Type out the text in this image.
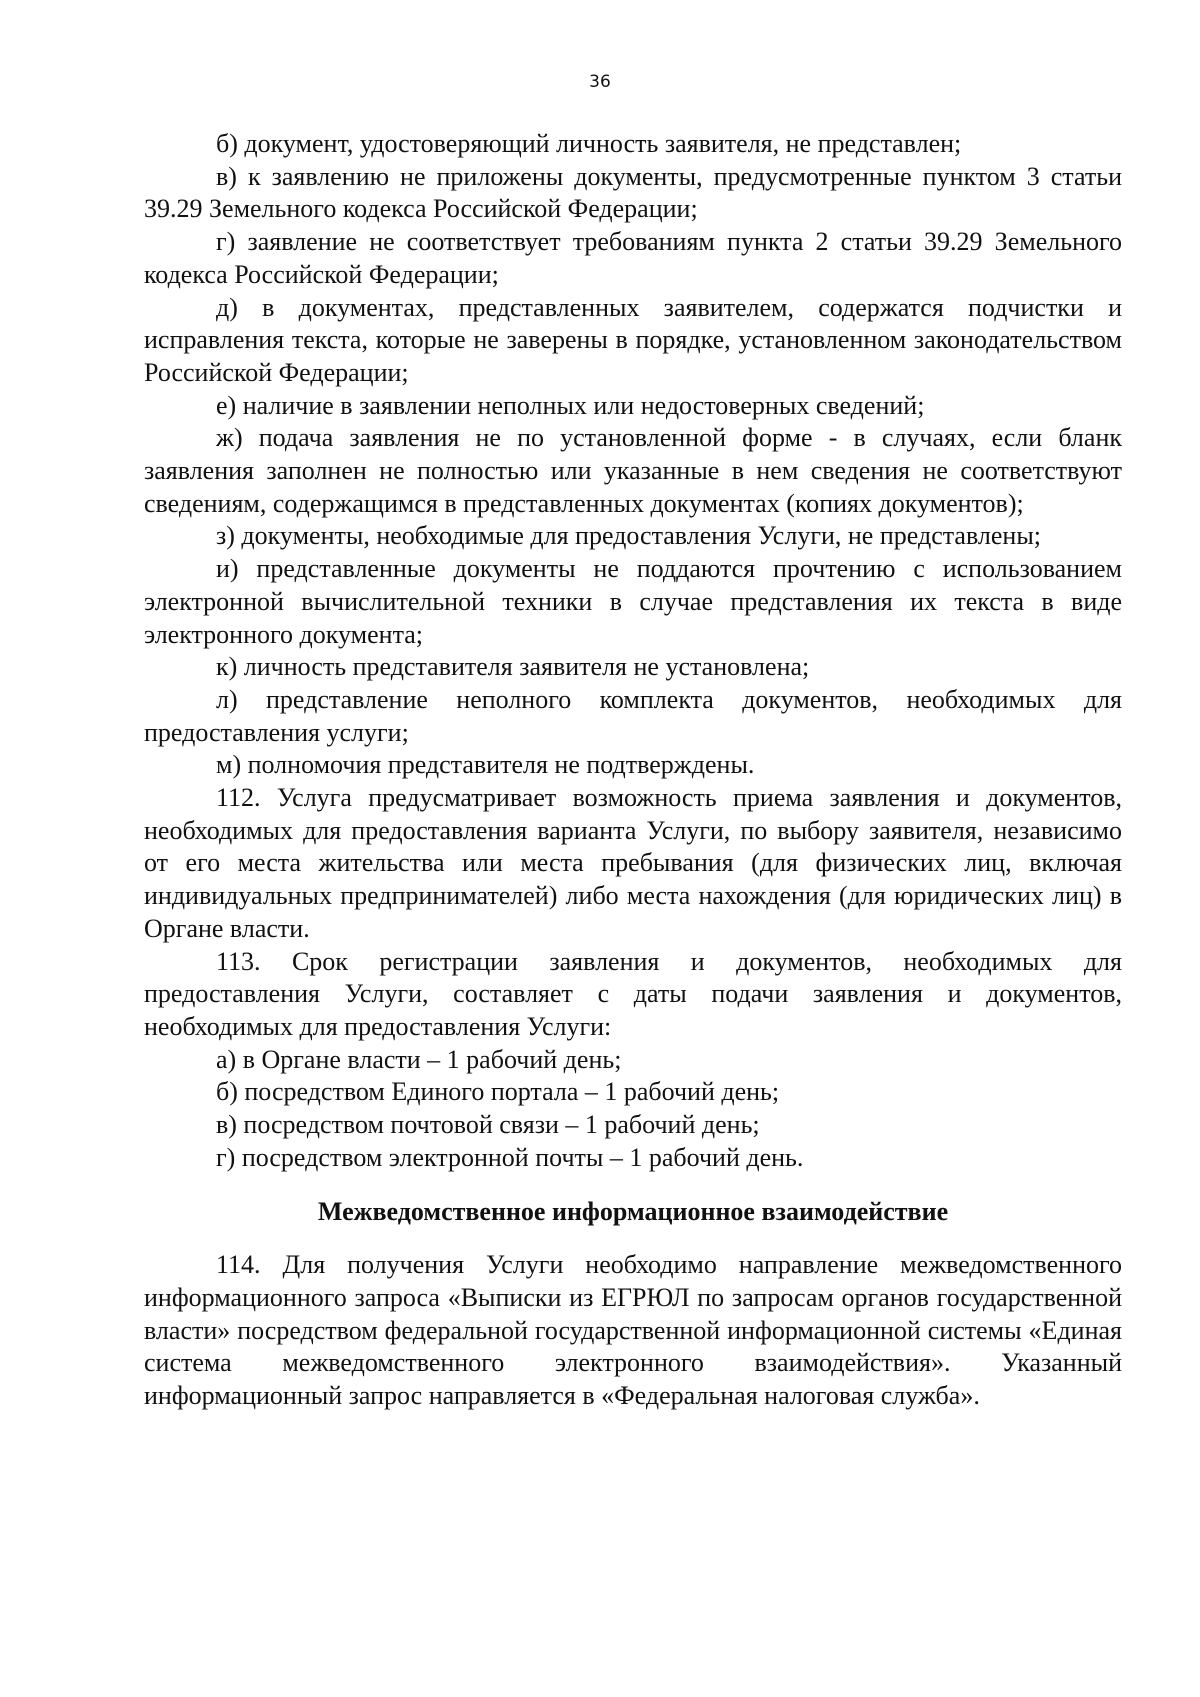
36

б) документ, удостоверяющий личность заявителя, не представлен;

в) к заявлению не приложены документы, предусмотренные пунктом 3 статьи 39.29 Земельного кодекса Российской Федерации;

г) заявление не соответствует требованиям пункта 2 статьи 39.29 Земельного кодекса Российской Федерации;

д) в документах, представленных заявителем, содержатся подчистки и исправления текста, которые не заверены в порядке, установленном законодательством Российской Федерации;

е) наличие в заявлении неполных или недостоверных сведений;

ж) подача заявления не по установленной форме - в случаях, если бланк заявления заполнен не полностью или указанные в нем сведения не соответствуют сведениям, содержащимся в представленных документах (копиях документов);

з) документы, необходимые для предоставления Услуги, не представлены;

и) представленные документы не поддаются прочтению с использованием электронной вычислительной техники в случае представления их текста в виде электронного документа;

к) личность представителя заявителя не установлена;

л) представление неполного комплекта документов, необходимых для предоставления услуги;

м) полномочия представителя не подтверждены.

112. Услуга предусматривает возможность приема заявления и документов, необходимых для предоставления варианта Услуги, по выбору заявителя, независимо от его места жительства или места пребывания (для физических лиц, включая индивидуальных предпринимателей) либо места нахождения (для юридических лиц) в Органе власти.

113. Срок регистрации заявления и документов, необходимых для предоставления Услуги, составляет с даты подачи заявления и документов, необходимых для предоставления Услуги:

а) в Органе власти – 1 рабочий день;

б) посредством Единого портала – 1 рабочий день;

в) посредством почтовой связи – 1 рабочий день;

г) посредством электронной почты – 1 рабочий день.

Межведомственное информационное взаимодействие

114. Для получения Услуги необходимо направление межведомственного информационного запроса «Выписки из ЕГРЮЛ по запросам органов государственной власти» посредством федеральной государственной информационной системы «Единая система межведомственного электронного взаимодействия». Указанный информационный запрос направляется в «Федеральная налоговая служба».
